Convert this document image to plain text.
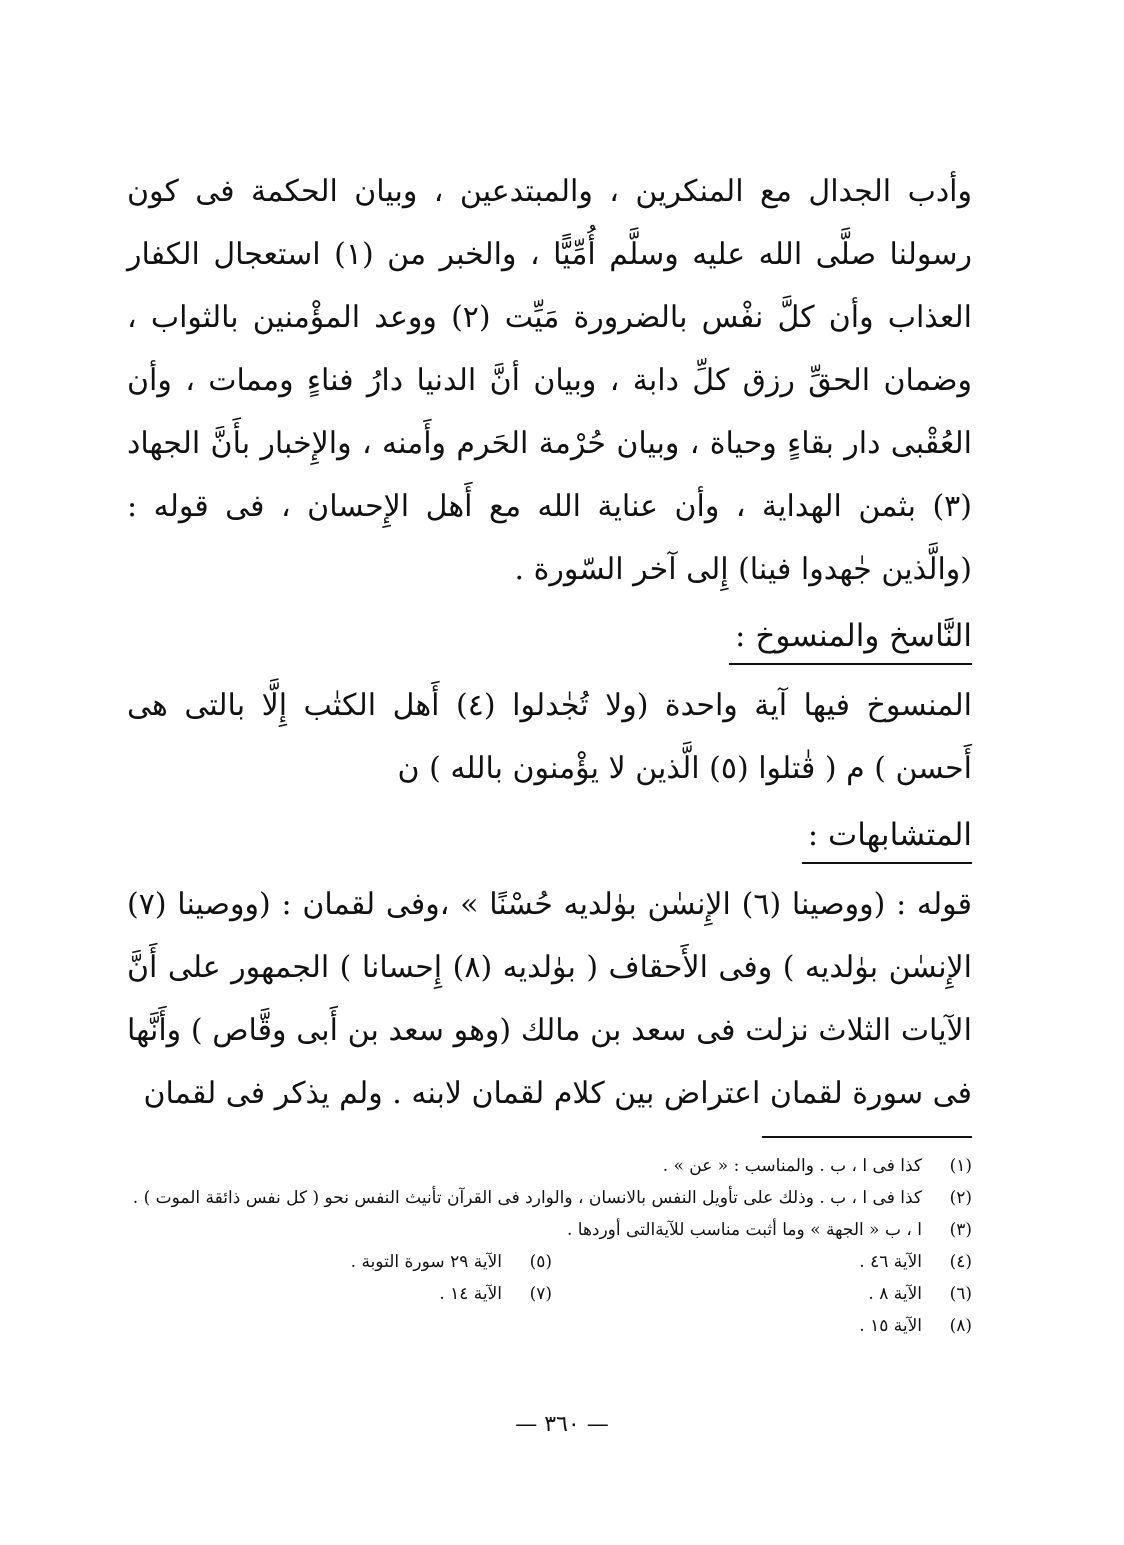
وأدب الجدال مع المنكرين ، والمبتدعين ، وبيان الحكمة فى كون رسولنا صلَّى الله عليه وسلَّم أُمِّيًّا ، والخبر من (١) استعجال الكفار العذاب وأن كلَّ نفْس بالضرورة مَيِّت (٢) ووعد المؤْمنين بالثواب ، وضمان الحقِّ رزق كلِّ دابة ، وبيان أنَّ الدنيا دارُ فناءٍ وممات ، وأن العُقْبى دار بقاءٍ وحياة ، وبيان حُرْمة الحَرم وأَمنه ، والإِخبار بأَنَّ الجهاد (٣) بثمن الهداية ، وأن عناية الله مع أَهل الإِحسان ، فى قوله : (والَّذين جٰهدوا فينا) إِلى آخر السّورة .

النَّاسخ والمنسوخ :

المنسوخ فيها آية واحدة (ولا تُجٰدلوا (٤) أَهل الكتٰب إِلَّا بالتى هى أَحسن ) م ( قٰتلوا (٥) الَّذين لا يؤْمنون بالله ) ن

المتشابهات :

قوله : (ووصينا (٦) الإِنسٰن بوٰلديه حُسْنًا » ،وفى لقمان : (ووصينا (٧) الإِنسٰن بوٰلديه ) وفى الأَحقاف ( بوٰلديه (٨) إِحسانا ) الجمهور على أَنَّ الآيات الثلاث نزلت فى سعد بن مالك (وهو سعد بن أَبى وقَّاص ) وأَنَّها فى سورة لقمان اعتراض بين كلام لقمان لابنه . ولم يذكر فى لقمان

(١)
كذا فى ا ، ب . والمناسب : « عن » .
(٢)
كذا فى ا ، ب . وذلك على تأويل النفس بالانسان ، والوارد فى القرآن تأنيث النفس نحو ( كل نفس ذائقة الموت ) .
(٣)
ا ، ب « الجهة » وما أثبت مناسب للآيةالتى أوردها .
(٤)
الآية ٤٦ .
(٥)
الآية ٢٩ سورة التوبة .
(٦)
الآية ٨ .
(٧)
الآية ١٤ .
(٨)
الآية ١٥ .
— ٣٦٠ —
